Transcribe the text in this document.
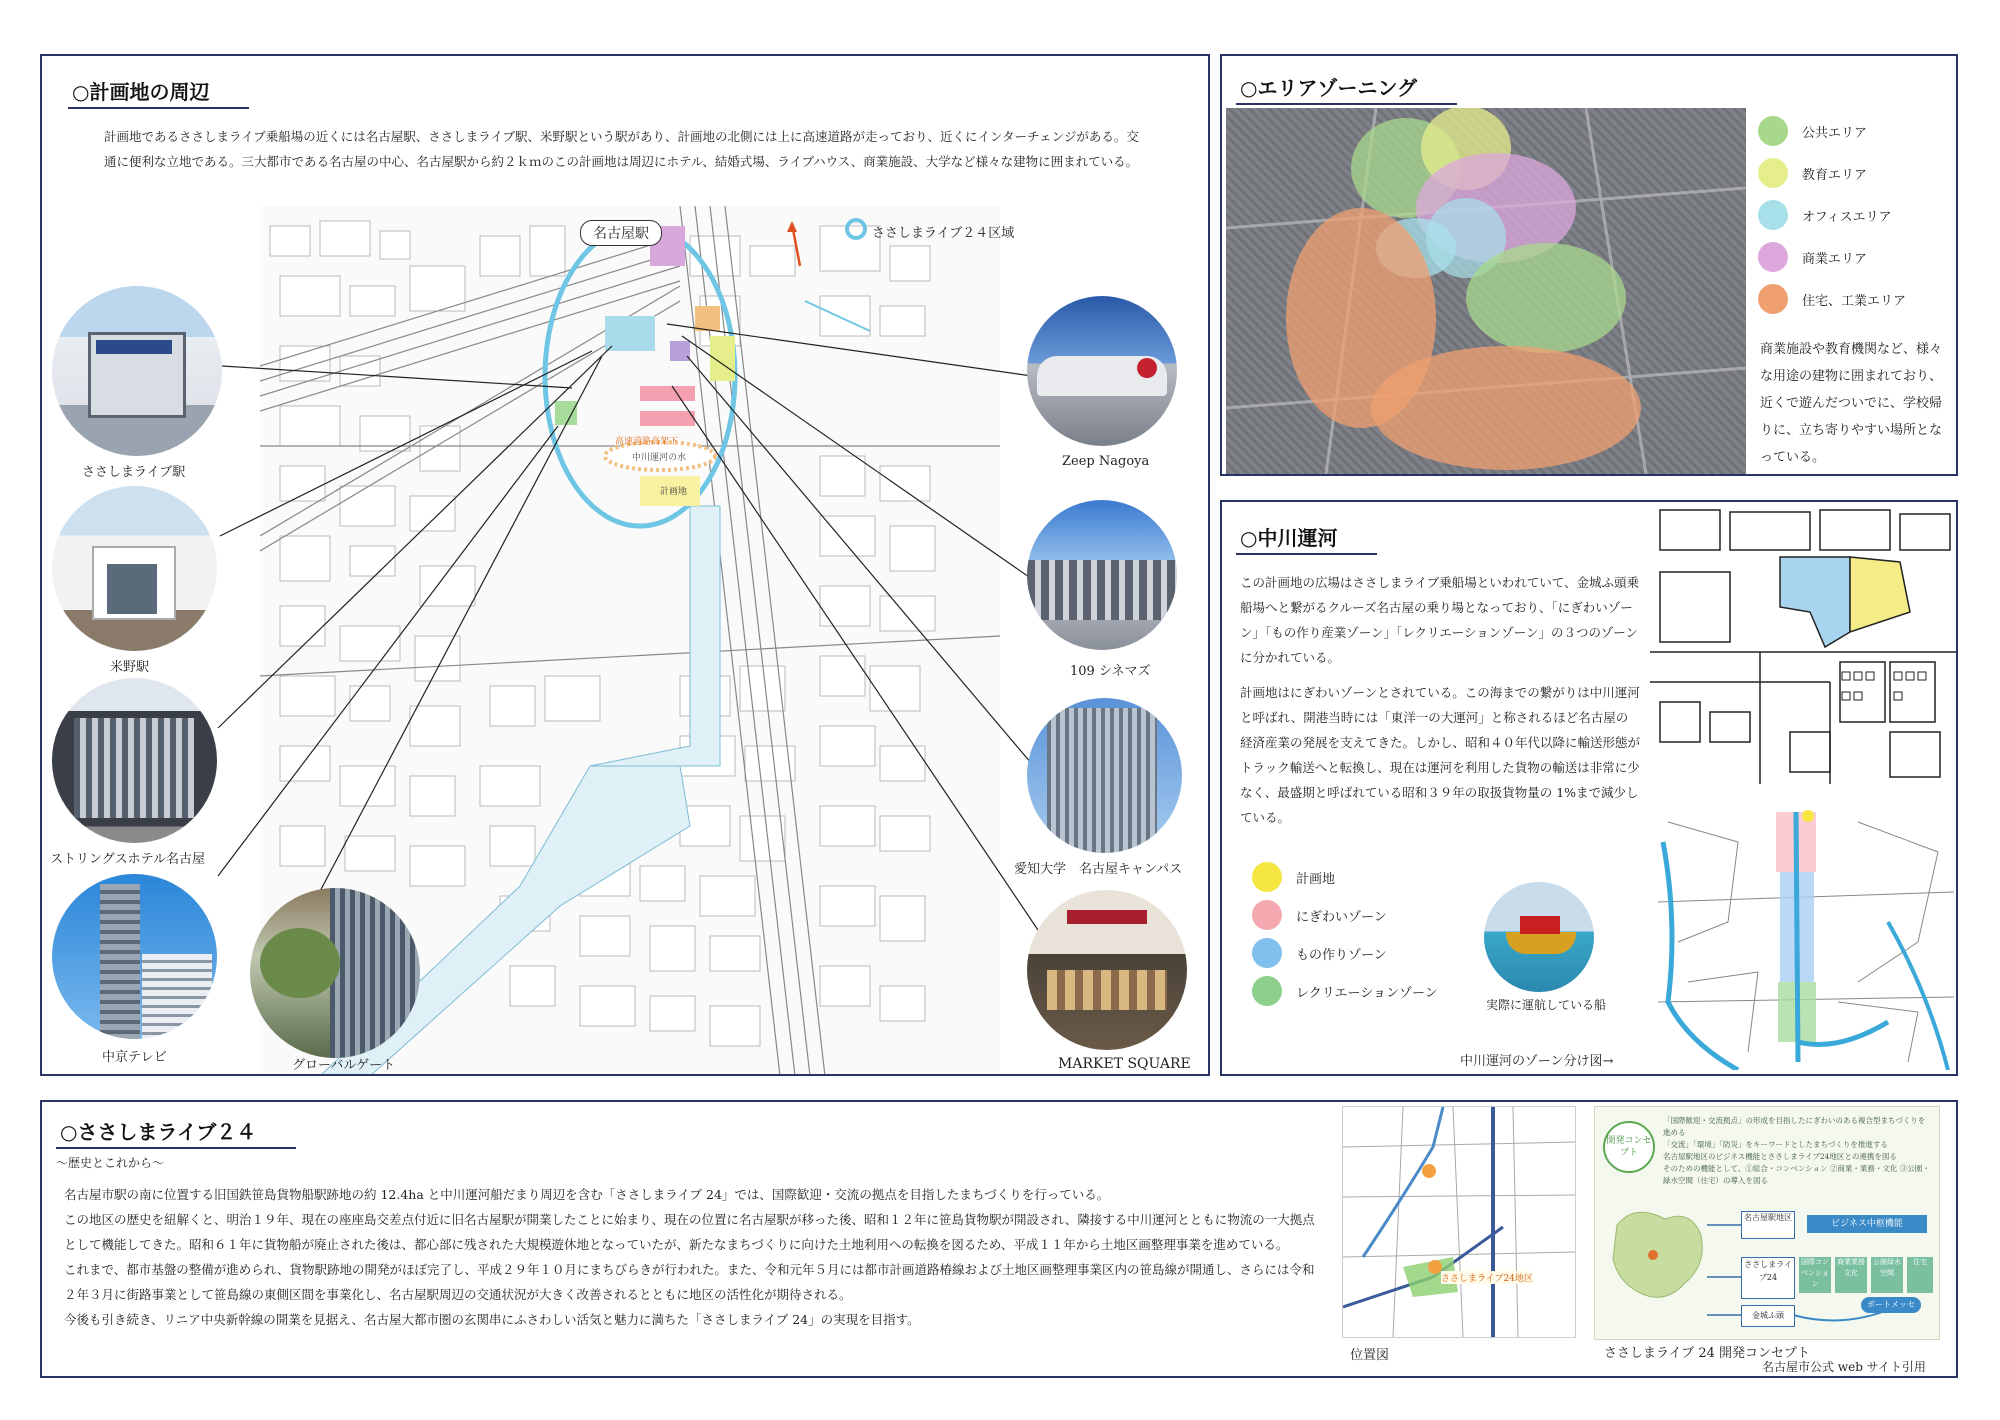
○計画地の周辺
計画地であるささしまライブ乗船場の近くには名古屋駅、ささしまライブ駅、米野駅という駅があり、計画地の北側には上に高速道路が走っており、近くにインターチェンジがある。交通に便利な立地である。三大都市である名古屋の中心、名古屋駅から約２ｋｍのこの計画地は周辺にホテル、結婚式場、ライブハウス、商業施設、大学など様々な建物に囲まれている。
名古屋駅	ささしまライブ２４区域
高速道路高架下
中川運河の水
計画地
ささしまライブ駅
米野駅
ストリングスホテル名古屋
中京テレビ
グローバルゲート
Zeep Nagoya
109 シネマズ
愛知大学　名古屋キャンパス
MARKET SQUARE
○エリアゾーニング
公共エリア
教育エリア
オフィスエリア
商業エリア
住宅、工業エリア
商業施設や教育機関など、様々な用途の建物に囲まれており、近くで遊んだついでに、学校帰りに、立ち寄りやすい場所となっている。
○中川運河
この計画地の広場はささしまライブ乗船場といわれていて、金城ふ頭乗船場へと繋がるクルーズ名古屋の乗り場となっており、「にぎわいゾーン」「もの作り産業ゾーン」「レクリエーションゾーン」の３つのゾーンに分かれている。
計画地はにぎわいゾーンとされている。この海までの繋がりは中川運河と呼ばれ、開港当時には「東洋一の大運河」と称されるほど名古屋の経済産業の発展を支えてきた。しかし、昭和４０年代以降に輸送形態がトラック輸送へと転換し、現在は運河を利用した貨物の輸送は非常に少なく、最盛期と呼ばれている昭和３９年の取扱貨物量の 1%まで減少している。
計画地
にぎわいゾーン
もの作りゾーン
レクリエーションゾーン
実際に運航している船
中川運河のゾーン分け図→
○ささしまライブ２４
〜歴史とこれから〜
名古屋市駅の南に位置する旧国鉄笹島貨物船駅跡地の約 12.4ha と中川運河船だまり周辺を含む「ささしまライブ 24」では、国際歓迎・交流の拠点を目指したまちづくりを行っている。
この地区の歴史を紐解くと、明治１９年、現在の座座島交差点付近に旧名古屋駅が開業したことに始まり、現在の位置に名古屋駅が移った後、昭和１２年に笹島貨物駅が開設され、隣接する中川運河とともに物流の一大拠点として機能してきた。昭和６１年に貨物船が廃止された後は、都心部に残された大規模遊休地となっていたが、新たなまちづくりに向けた土地利用への転換を図るため、平成１１年から土地区画整理事業を進めている。
これまで、都市基盤の整備が進められ、貨物駅跡地の開発がほぼ完了し、平成２９年１０月にまちびらきが行われた。また、令和元年５月には都市計画道路椿線および土地区画整理事業区内の笹島線が開通し、さらには令和２年３月に街路事業として笹島線の東側区間を事業化し、名古屋駅周辺の交通状況が大きく改善されるとともに地区の活性化が期待される。
今後も引き続き、リニア中央新幹線の開業を見据え、名古屋大都市圏の玄関串にふさわしい活気と魅力に満ちた「ささしまライブ 24」の実現を目指す。
ささしまライブ24地区
位置図
開発コンセプト
「国際歓迎・交流拠点」の形成を目指したにぎわいのある複合型まちづくりを進める
「交流」「環境」「防災」をキーワードとしたまちづくりを推進する
名古屋駅地区のビジネス機能とささしまライブ24地区との連携を図る
そのための機能として、①総合・コンベンション ②商業・業務・文化 ③公園・緑水空間（住宅）の導入を図る
名古屋駅地区
ビジネス中枢機能
ささしまライブ24
国際コンベンション
商業業務文化
公園緑水空間
住宅
金城ふ頭
ポートメッセ
ささしまライブ 24 開発コンセプト
名古屋市公式 web サイト引用
